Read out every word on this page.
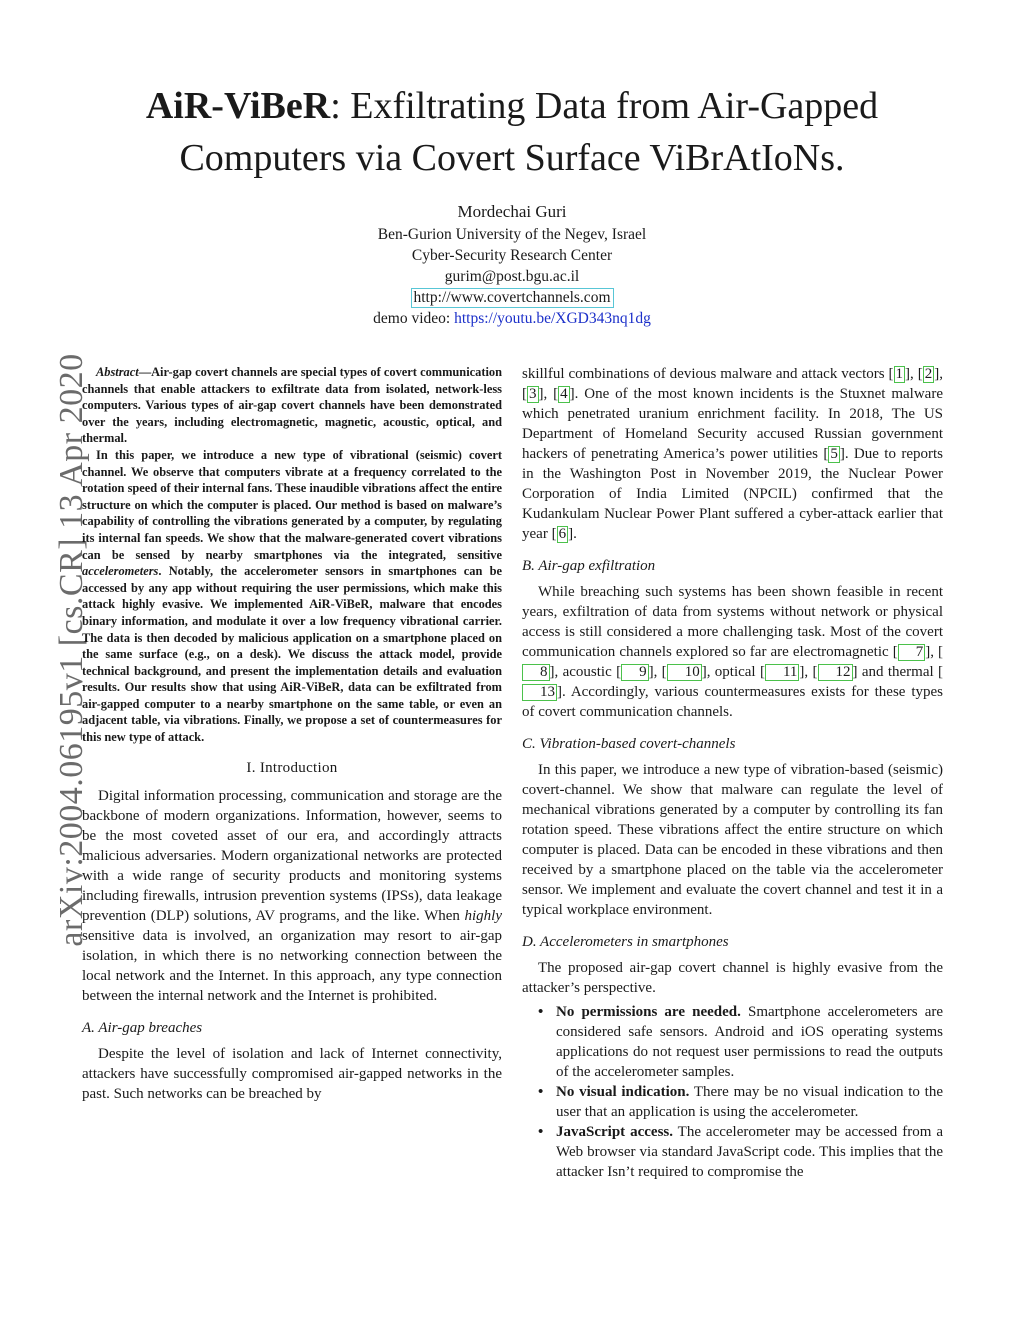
arXiv:2004.06195v1 [cs.CR] 13 Apr 2020
AiR-ViBeR: Exfiltrating Data from Air-Gapped Computers via Covert Surface ViBrAtIoNs.
Mordechai Guri
Ben-Gurion University of the Negev, Israel
Cyber-Security Research Center
gurim@post.bgu.ac.il
http://www.covertchannels.com
demo video: https://youtu.be/XGD343nq1dg

Abstract—Air-gap covert channels are special types of covert communication channels that enable attackers to exfiltrate data from isolated, network-less computers. Various types of air-gap covert channels have been demonstrated over the years, including electromagnetic, magnetic, acoustic, optical, and thermal.

In this paper, we introduce a new type of vibrational (seismic) covert channel. We observe that computers vibrate at a frequency correlated to the rotation speed of their internal fans. These inaudible vibrations affect the entire structure on which the computer is placed. Our method is based on malware’s capability of controlling the vibrations generated by a computer, by regulating its internal fan speeds. We show that the malware-generated covert vibrations can be sensed by nearby smartphones via the integrated, sensitive accelerometers. Notably, the accelerometer sensors in smartphones can be accessed by any app without requiring the user permissions, which make this attack highly evasive. We implemented AiR-ViBeR, malware that encodes binary information, and modulate it over a low frequency vibrational carrier. The data is then decoded by malicious application on a smartphone placed on the same surface (e.g., on a desk). We discuss the attack model, provide technical background, and present the implementation details and evaluation results. Our results show that using AiR-ViBeR, data can be exfiltrated from air-gapped computer to a nearby smartphone on the same table, or even an adjacent table, via vibrations. Finally, we propose a set of countermeasures for this new type of attack.

I. Introduction

Digital information processing, communication and storage are the backbone of modern organizations. Information, however, seems to be the most coveted asset of our era, and accordingly attracts malicious adversaries. Modern organizational networks are protected with a wide range of security products and monitoring systems including firewalls, intrusion prevention systems (IPSs), data leakage prevention (DLP) solutions, AV programs, and the like. When highly sensitive data is involved, an organization may resort to air-gap isolation, in which there is no networking connection between the local network and the Internet. In this approach, any type connection between the internal network and the Internet is prohibited.

A. Air-gap breaches

Despite the level of isolation and lack of Internet connectivity, attackers have successfully compromised air-gapped networks in the past. Such networks can be breached by

skillful combinations of devious malware and attack vectors [ 1 ], [ 2 ], [ 3 ], [ 4 ]. One of the most known incidents is the Stuxnet malware which penetrated uranium enrichment facility. In 2018, The US Department of Homeland Security accused Russian government hackers of penetrating America’s power utilities [ 5 ]. Due to reports in the Washington Post in November 2019, the Nuclear Power Corporation of India Limited (NPCIL) confirmed that the Kudankulam Nuclear Power Plant suffered a cyber-attack earlier that year [ 6 ].

B. Air-gap exfiltration

While breaching such systems has been shown feasible in recent years, exfiltration of data from systems without network or physical access is still considered a more challenging task. Most of the covert communication channels explored so far are electromagnetic [ 7 ], [8 ], acoustic [ 9 ], [ 10 ], optical [ 11 ], [ 12 ] and thermal [13 ]. Accordingly, various countermeasures exists for these types of covert communication channels.

C. Vibration-based covert-channels

In this paper, we introduce a new type of vibration-based (seismic) covert-channel. We show that malware can regulate the level of mechanical vibrations generated by a computer by controlling its fan rotation speed. These vibrations affect the entire structure on which computer is placed. Data can be encoded in these vibrations and then received by a smartphone placed on the table via the accelerometer sensor. We implement and evaluate the covert channel and test it in a typical workplace environment.

D. Accelerometers in smartphones

The proposed air-gap covert channel is highly evasive from the attacker’s perspective.

• No permissions are needed. Smartphone accelerometers are considered safe sensors. Android and iOS operating systems applications do not request user permissions to read the outputs of the accelerometer samples.
• No visual indication. There may be no visual indication to the user that an application is using the accelerometer.
• JavaScript access. The accelerometer may be accessed from a Web browser via standard JavaScript code. This implies that the attacker Isn’t required to compromise the
